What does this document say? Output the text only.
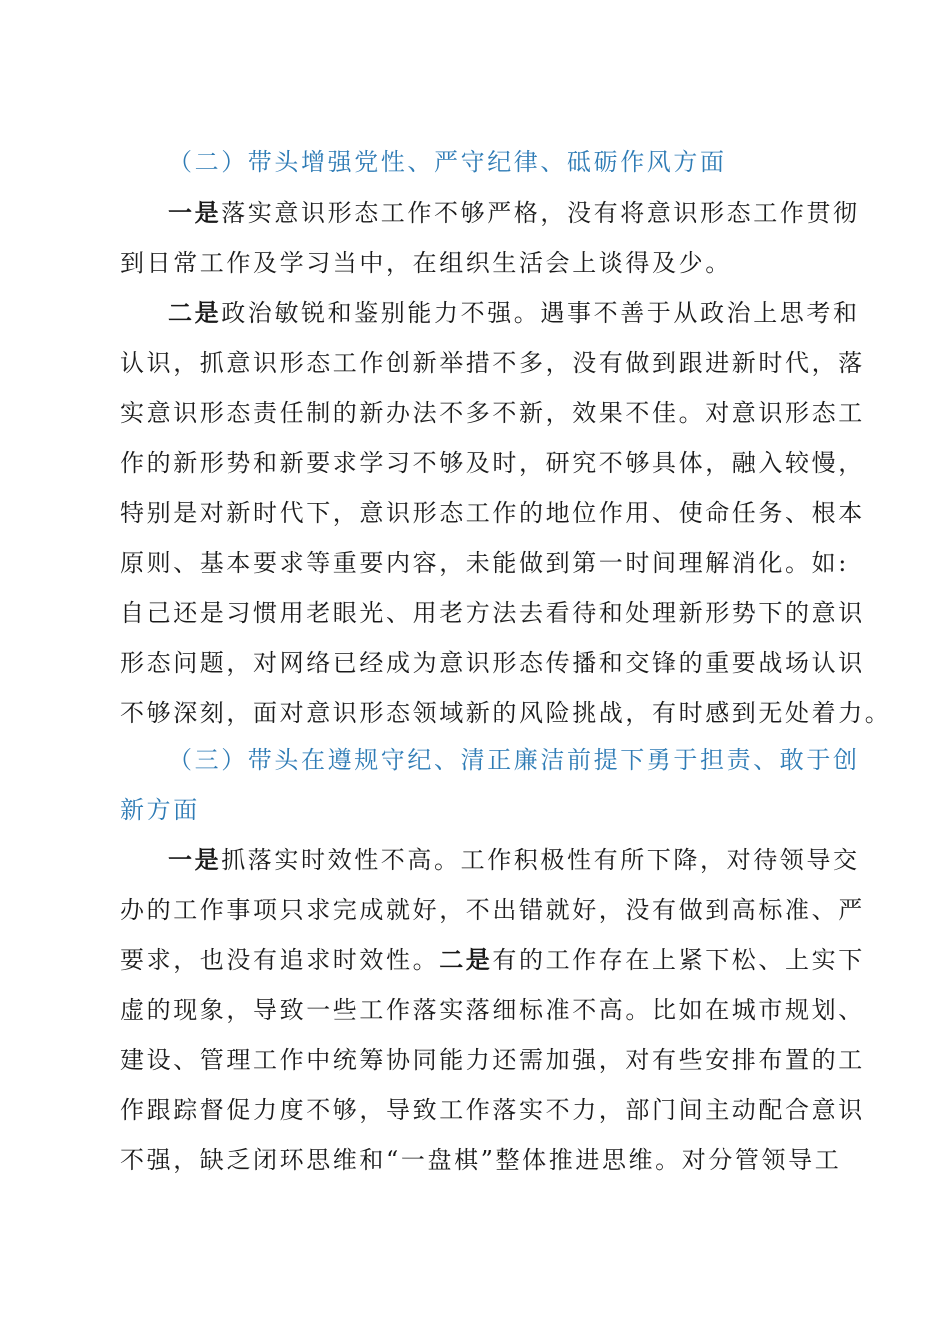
（二）带头增强党性、严守纪律、砥砺作风方面
一是落实意识形态工作不够严格，没有将意识形态工作贯彻
到日常工作及学习当中，在组织生活会上谈得及少。
二是政治敏锐和鉴别能力不强。遇事不善于从政治上思考和
认识，抓意识形态工作创新举措不多，没有做到跟进新时代，落
实意识形态责任制的新办法不多不新，效果不佳。对意识形态工
作的新形势和新要求学习不够及时，研究不够具体，融入较慢，
特别是对新时代下，意识形态工作的地位作用、使命任务、根本
原则、基本要求等重要内容，未能做到第一时间理解消化。如:
自己还是习惯用老眼光、用老方法去看待和处理新形势下的意识
形态问题，对网络已经成为意识形态传播和交锋的重要战场认识
不够深刻，面对意识形态领域新的风险挑战，有时感到无处着力。
（三）带头在遵规守纪、清正廉洁前提下勇于担责、敢于创
新方面
一是抓落实时效性不高。工作积极性有所下降，对待领导交
办的工作事项只求完成就好，不出错就好，没有做到高标准、严
要求，也没有追求时效性。二是有的工作存在上紧下松、上实下
虚的现象，导致一些工作落实落细标准不高。比如在城市规划、
建设、管理工作中统筹协同能力还需加强，对有些安排布置的工
作跟踪督促力度不够，导致工作落实不力，部门间主动配合意识
不强，缺乏闭环思维和“一盘棋”整体推进思维。对分管领导工
